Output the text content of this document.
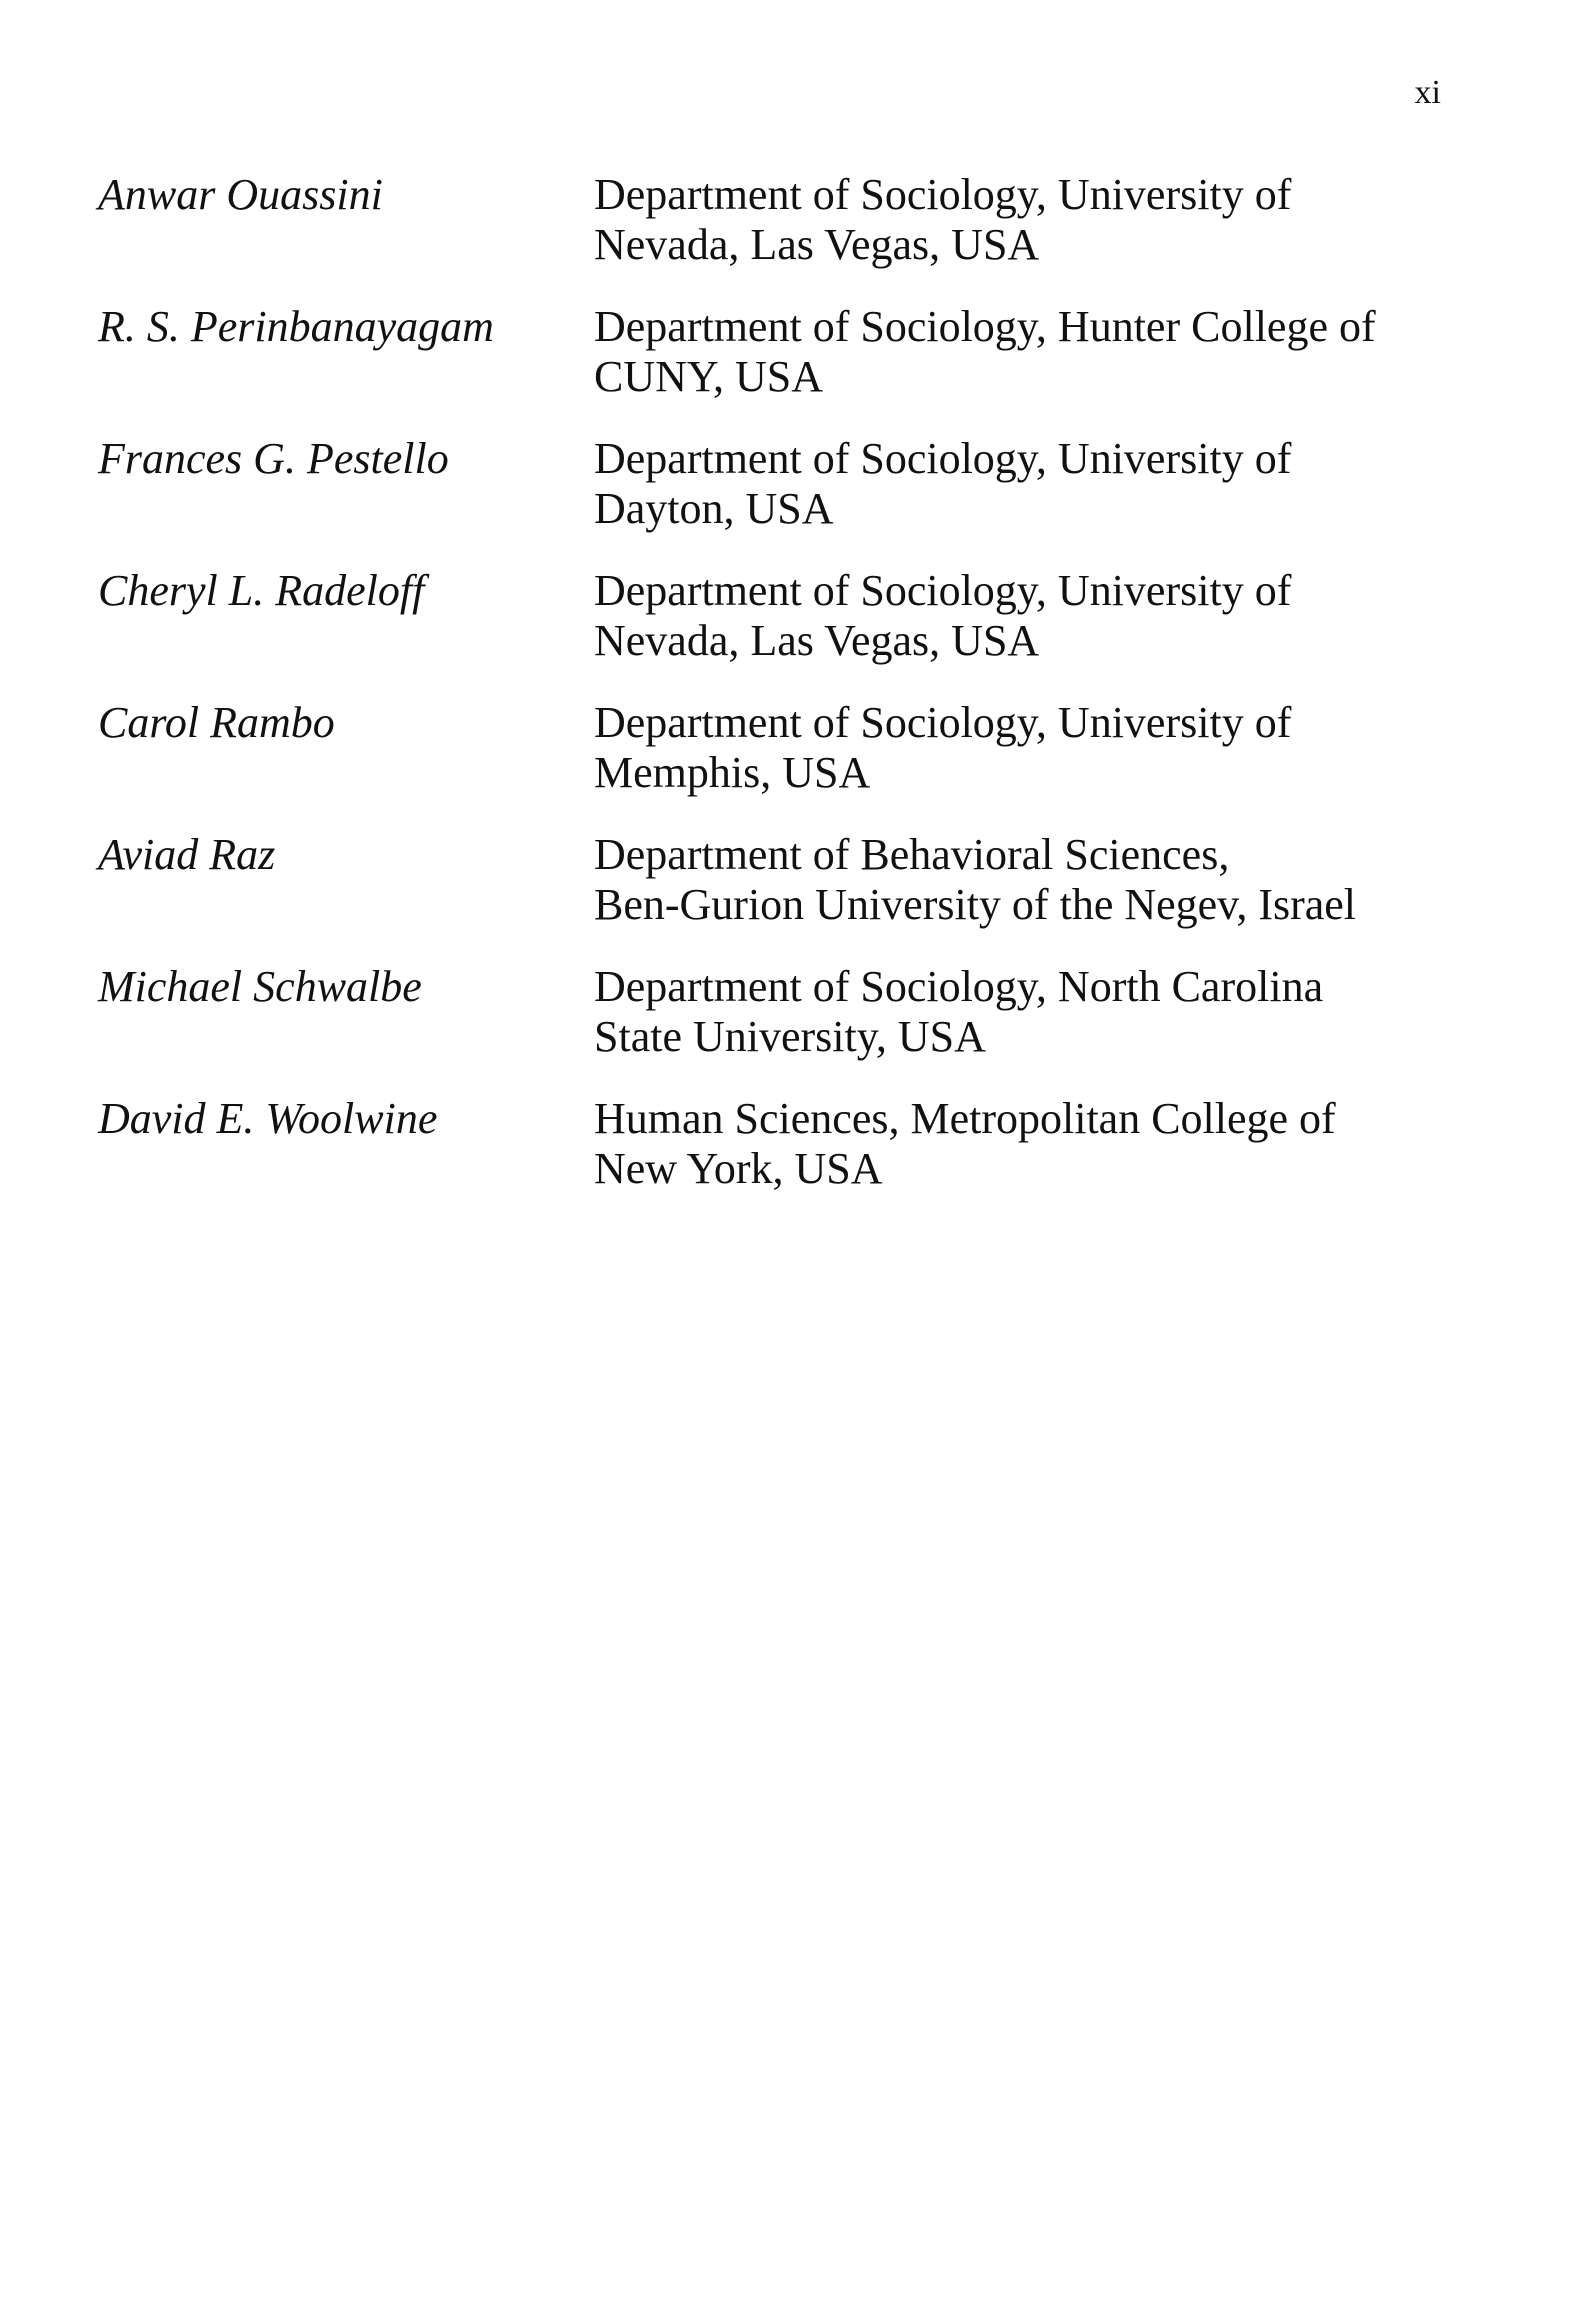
xi
Anwar Ouassini	Department of Sociology, University of
Nevada, Las Vegas, USA
R. S. Perinbanayagam	Department of Sociology, Hunter College of
CUNY, USA
Frances G. Pestello	Department of Sociology, University of
Dayton, USA
Cheryl L. Radeloff	Department of Sociology, University of
Nevada, Las Vegas, USA
Carol Rambo	Department of Sociology, University of
Memphis, USA
Aviad Raz	Department of Behavioral Sciences,
Ben-Gurion University of the Negev, Israel
Michael Schwalbe	Department of Sociology, North Carolina
State University, USA
David E. Woolwine	Human Sciences, Metropolitan College of
New York, USA
